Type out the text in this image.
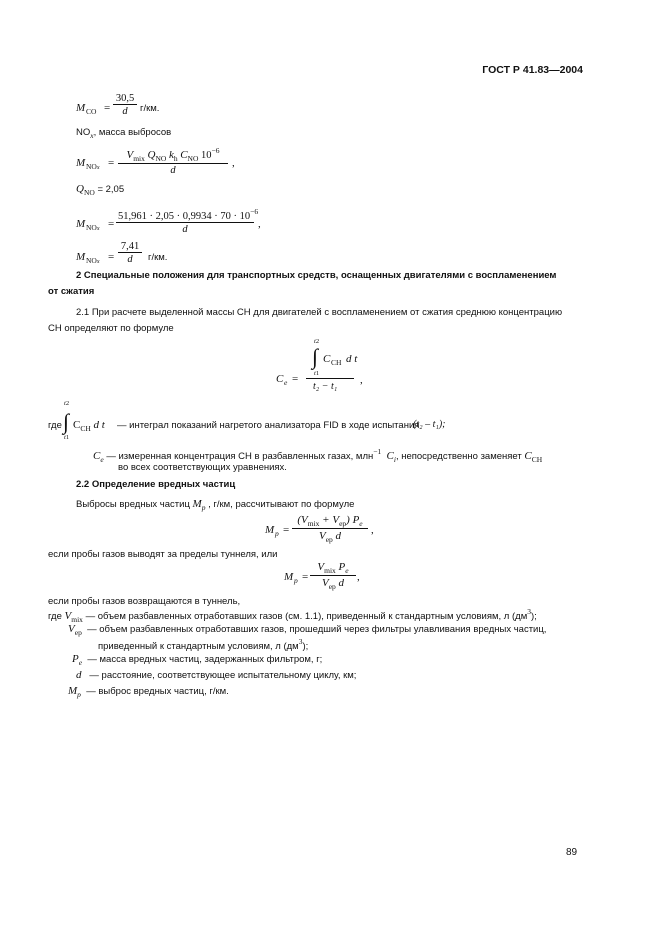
ГОСТ Р 41.83—2004
M CO = $\frac{30,5}{d} г/км$.
$NO_x$, масса выбросов
M NOx =
$V_{mix}$ $Q_{NO}$ $k_h$ $C_{NO}$ $10^{-6}$
d
,
$Q_{NO} = 2,05$
M NOx = $\frac{51,961 \cdot 2,05 \cdot 0,9934 \cdot 70 \cdot 10^{-6}}{d}$ ,
M NOx = $\frac{7,41}{d} г/км$.
2 Специальные положения для транспортных средств, оснащенных двигателями с воспламенением
от сжатия
2.1 При расчете выделенной массы СН для двигателей с воспламенением от сжатия среднюю концентрацию
СН определяют по формуле
C e =
t2
∫ C CH d t
t1
t₂ − t₁
,
t2
где ∫
t1
$C_{CH}$ d t — интеграл показаний нагретого анализатора FID в ходе испытания
(t₂ – t₁);
$C_e$ — измеренная концентрация СН в разбавленных газах, млн$^{-1}$ $C_i$, непосредственно заменяет $C_{CH}$
во всех соответствующих уравнениях.
2.2 Определение вредных частиц
Выбросы вредных частиц $M_p$ , г/км, рассчитывают по формуле
M p =
$(V_{mix} + V_{ep})$ $P_e$
$V_{ep}$ d	,
если пробы газов выводят за пределы туннеля, или
M p =
$V_{mix}$ $P_e$
$V_{ep}$ d	,
если пробы газов возвращаются в туннель,
где $V_{mix}$ — объем разбавленных отработавших газов (см. 1.1), приведенный к стандартным условиям, л $(дм^3)$;
$V_{ep}$ — объем разбавленных отработавших газов, прошедший через фильтры улавливания вредных частиц,
приведенный к стандартным условиям, л $(дм^3)$;
$P_e$ — масса вредных частиц, задержанных фильтром, г;
d — расстояние, соответствующее испытательному циклу, км;
$M_p$ — выброс вредных частиц, г/км.
89
